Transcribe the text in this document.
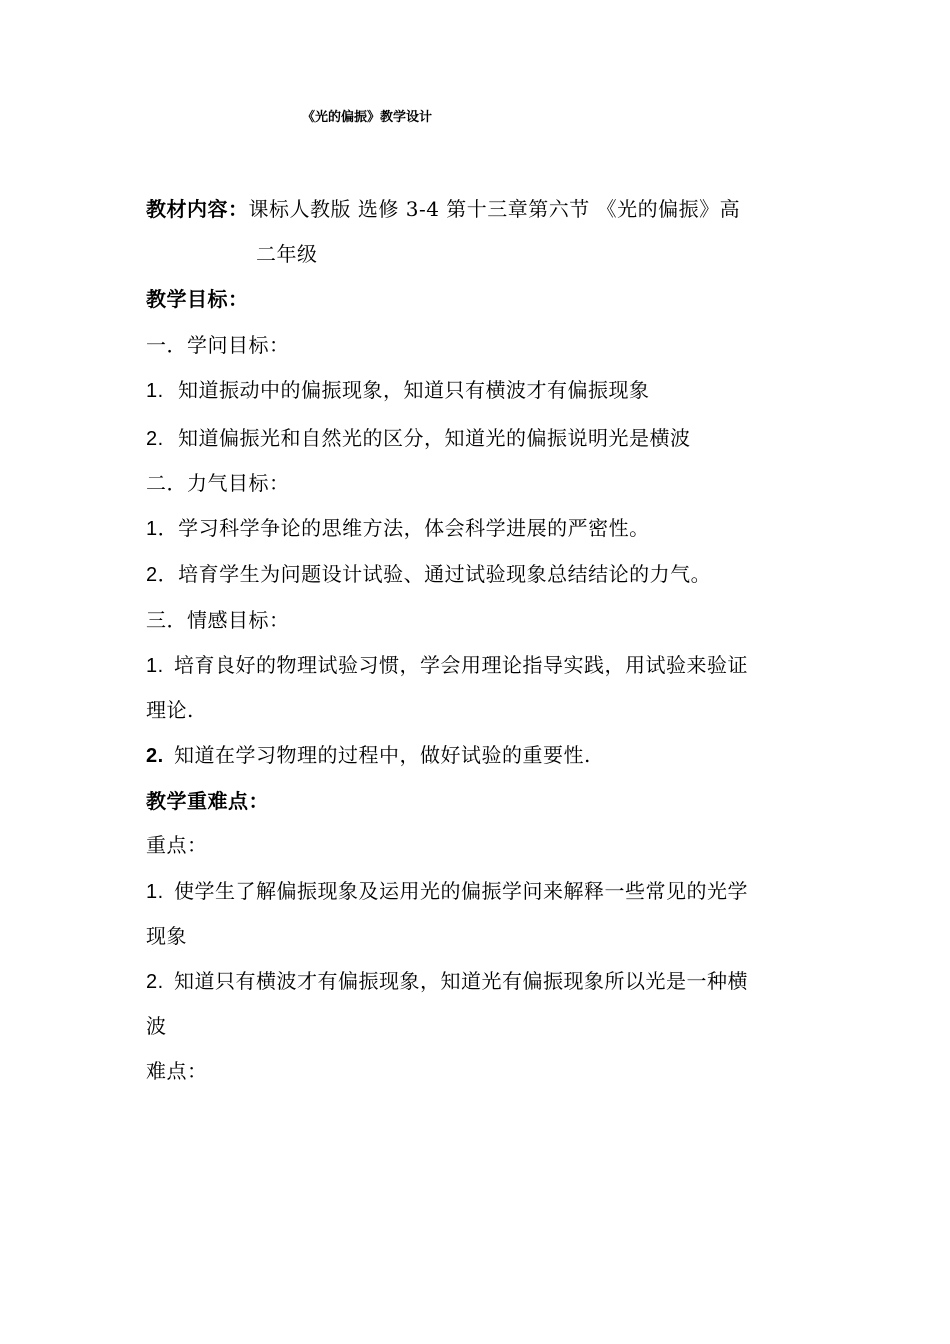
《光的偏振》教学设计
教材内容：课标人教版 选修 3-4 第十三章第六节 《光的偏振》高
二年级
教学目标：
一．学问目标：
1. 知道振动中的偏振现象，知道只有横波才有偏振现象
2. 知道偏振光和自然光的区分，知道光的偏振说明光是横波
二．力气目标：
1．学习科学争论的思维方法，体会科学进展的严密性。
2．培育学生为问题设计试验、通过试验现象总结结论的力气。
三．情感目标：
1. 培育良好的物理试验习惯，学会用理论指导实践，用试验来验证
理论.
2. 知道在学习物理的过程中，做好试验的重要性.
教学重难点：
重点：
1. 使学生了解偏振现象及运用光的偏振学问来解释一些常见的光学
现象
2. 知道只有横波才有偏振现象，知道光有偏振现象所以光是一种横
波
难点：
